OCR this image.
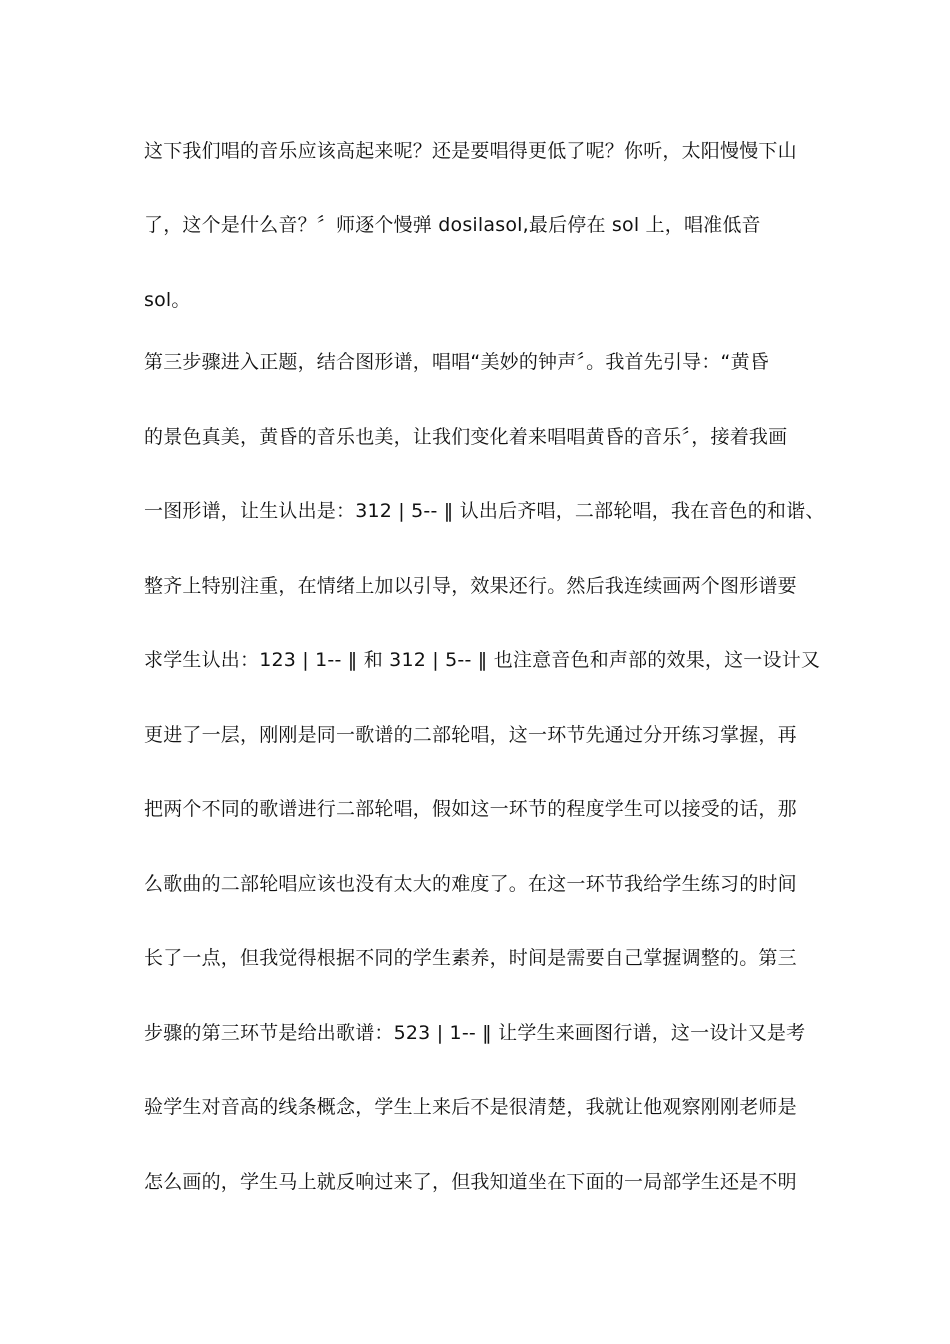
这下我们唱的音乐应该高起来呢？还是要唱得更低了呢？你听，太阳慢慢下山
了，这个是什么音？〞师逐个慢弹 dosilasol,最后停在 sol 上，唱准低音
sol。
第三步骤进入正题，结合图形谱，唱唱“美妙的钟声〞。我首先引导：“黄昏
的景色真美，黄昏的音乐也美，让我们变化着来唱唱黄昏的音乐〞，接着我画
一图形谱，让生认出是：312 | 5-- ‖ 认出后齐唱，二部轮唱，我在音色的和谐、
整齐上特别注重，在情绪上加以引导，效果还行。然后我连续画两个图形谱要
求学生认出：123 | 1-- ‖ 和 312 | 5-- ‖ 也注意音色和声部的效果，这一设计又
更进了一层，刚刚是同一歌谱的二部轮唱，这一环节先通过分开练习掌握，再
把两个不同的歌谱进行二部轮唱，假如这一环节的程度学生可以接受的话，那
么歌曲的二部轮唱应该也没有太大的难度了。在这一环节我给学生练习的时间
长了一点，但我觉得根据不同的学生素养，时间是需要自己掌握调整的。第三
步骤的第三环节是给出歌谱：523 | 1-- ‖ 让学生来画图行谱，这一设计又是考
验学生对音高的线条概念，学生上来后不是很清楚，我就让他观察刚刚老师是
怎么画的，学生马上就反响过来了，但我知道坐在下面的一局部学生还是不明
